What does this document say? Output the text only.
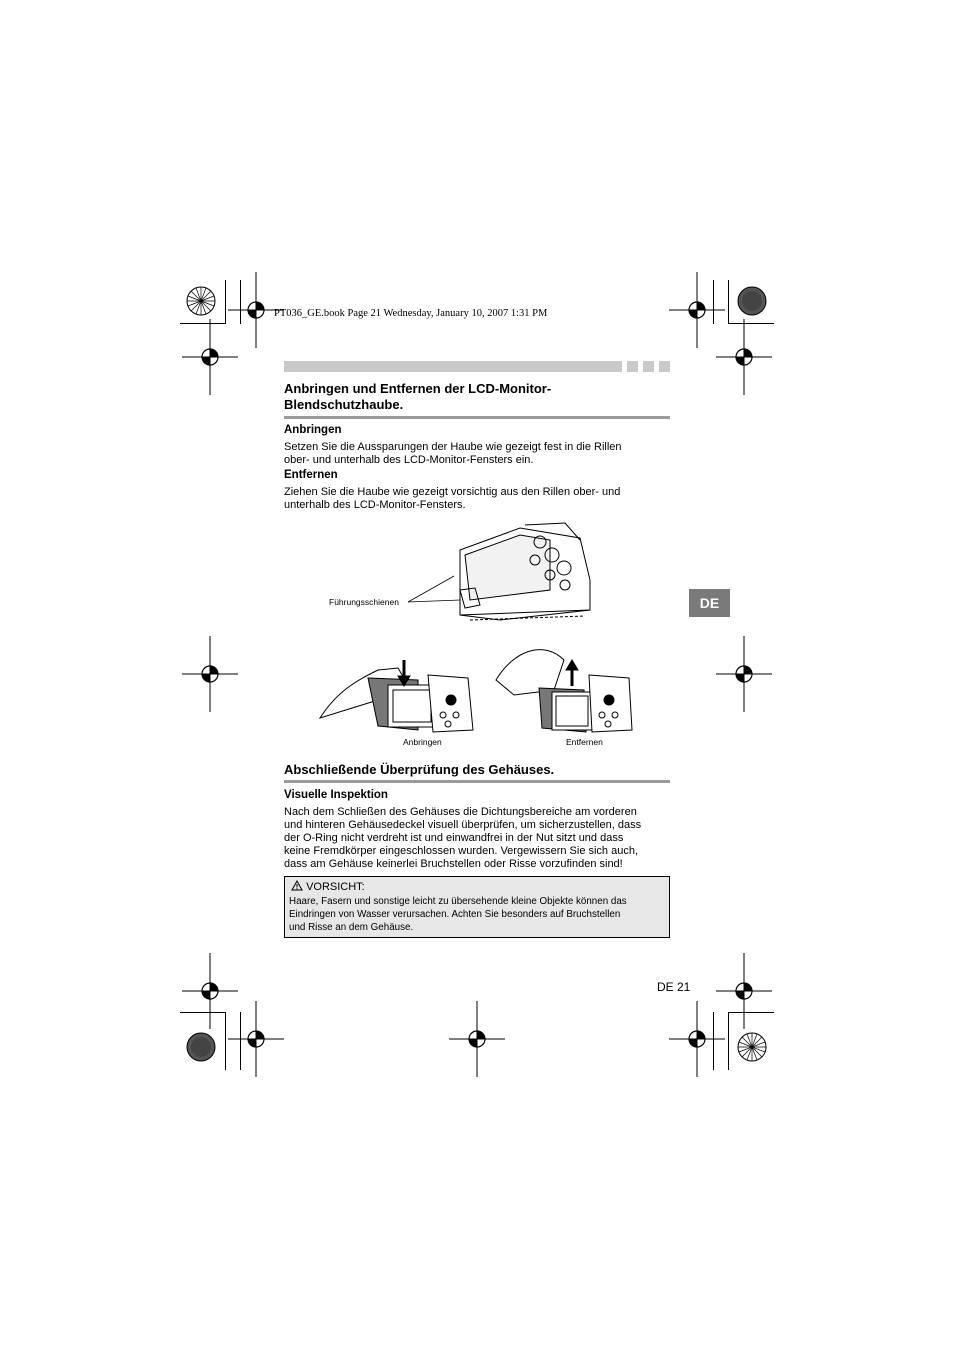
PT036_GE.book Page 21 Wednesday, January 10, 2007 1:31 PM
Anbringen und Entfernen der LCD-Monitor-
Blendschutzhaube.
Anbringen
Setzen Sie die Aussparungen der Haube wie gezeigt fest in die Rillen
ober- und unterhalb des LCD-Monitor-Fensters ein.
Entfernen
Ziehen Sie die Haube wie gezeigt vorsichtig aus den Rillen ober- und
unterhalb des LCD-Monitor-Fensters.
Führungsschienen
Anbringen	Entfernen
DE
Abschließende Überprüfung des Gehäuses.
Visuelle Inspektion
Nach dem Schließen des Gehäuses die Dichtungsbereiche am vorderen
und hinteren Gehäusedeckel visuell überprüfen, um sicherzustellen, dass
der O-Ring nicht verdreht ist und einwandfrei in der Nut sitzt und dass
keine Fremdkörper eingeschlossen wurden. Vergewissern Sie sich auch,
dass am Gehäuse keinerlei Bruchstellen oder Risse vorzufinden sind!
VORSICHT:
Haare, Fasern und sonstige leicht zu übersehende kleine Objekte können das
Eindringen von Wasser verursachen. Achten Sie besonders auf Bruchstellen
und Risse an dem Gehäuse.
DE 21
